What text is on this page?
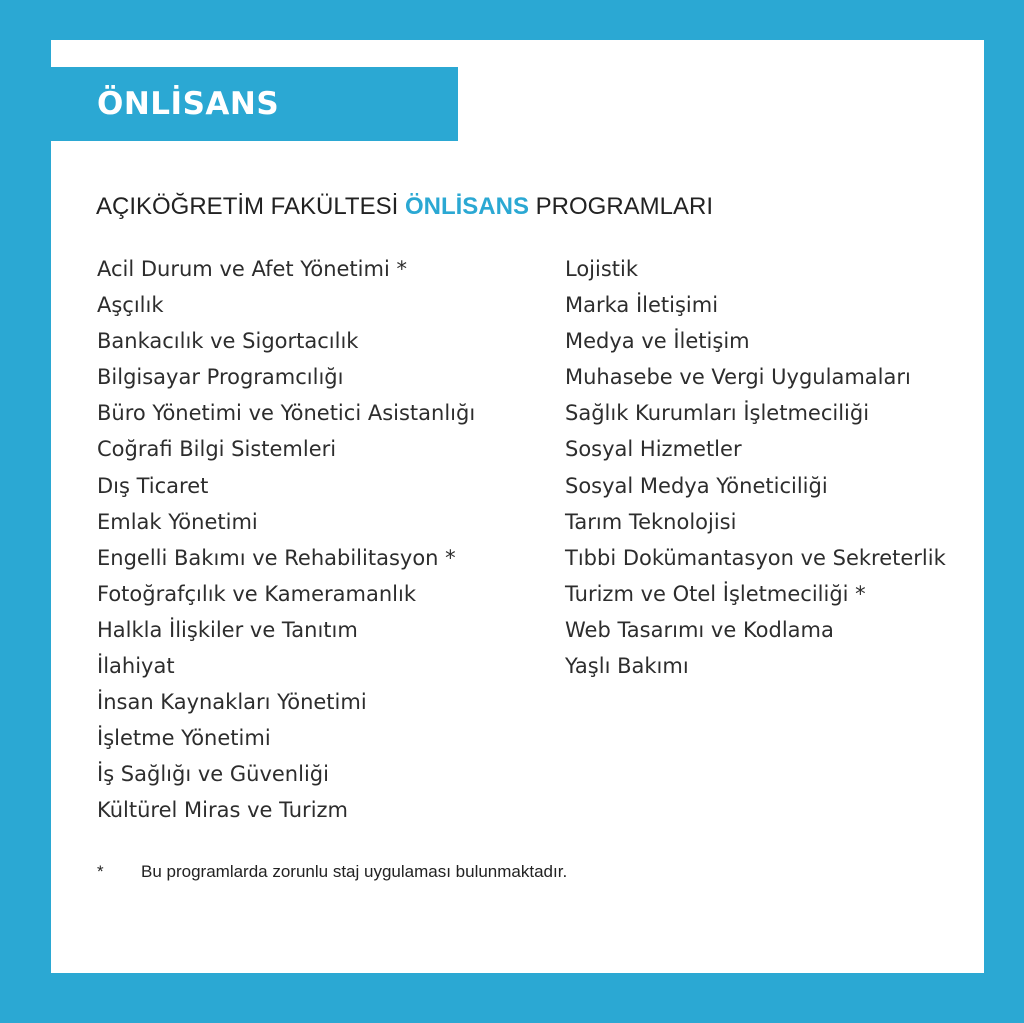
ÖNLİSANS
AÇIKÖĞRETİM FAKÜLTESİ ÖNLİSANS PROGRAMLARI
Acil Durum ve Afet Yönetimi *
Aşçılık
Bankacılık ve Sigortacılık
Bilgisayar Programcılığı
Büro Yönetimi ve Yönetici Asistanlığı
Coğrafi Bilgi Sistemleri
Dış Ticaret
Emlak Yönetimi
Engelli Bakımı ve Rehabilitasyon *
Fotoğrafçılık ve Kameramanlık
Halkla İlişkiler ve Tanıtım
İlahiyat
İnsan Kaynakları Yönetimi
İşletme Yönetimi
İş Sağlığı ve Güvenliği
Kültürel Miras ve Turizm
Lojistik
Marka İletişimi
Medya ve İletişim
Muhasebe ve Vergi Uygulamaları
Sağlık Kurumları İşletmeciliği
Sosyal Hizmetler
Sosyal Medya Yöneticiliği
Tarım Teknolojisi
Tıbbi Dokümantasyon ve Sekreterlik
Turizm ve Otel İşletmeciliği *
Web Tasarımı ve Kodlama
Yaşlı Bakımı
* Bu programlarda zorunlu staj uygulaması bulunmaktadır.
